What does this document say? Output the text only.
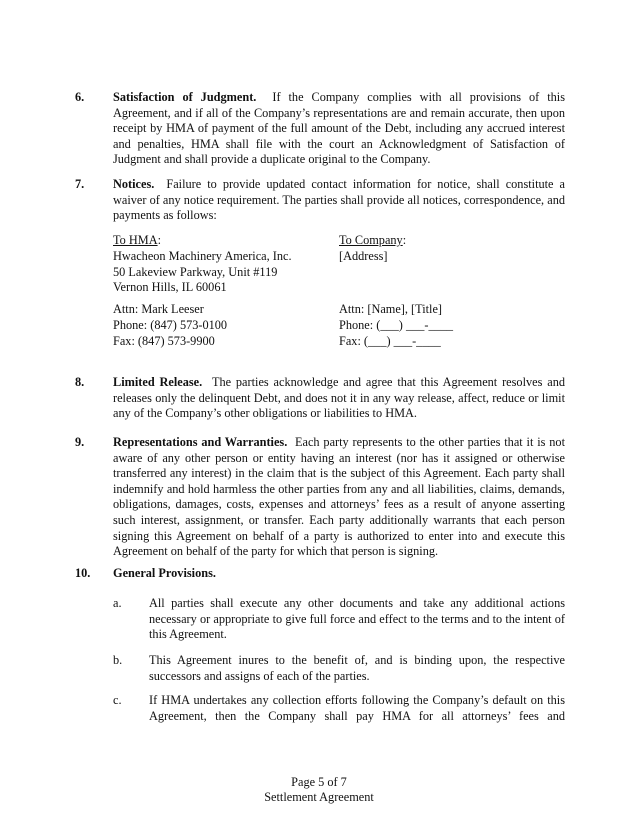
6. Satisfaction of Judgment. If the Company complies with all provisions of this Agreement, and if all of the Company’s representations are and remain accurate, then upon receipt by HMA of payment of the full amount of the Debt, including any accrued interest and penalties, HMA shall file with the court an Acknowledgment of Satisfaction of Judgment and shall provide a duplicate original to the Company.
7. Notices. Failure to provide updated contact information for notice, shall constitute a waiver of any notice requirement. The parties shall provide all notices, correspondence, and payments as follows:
To HMA:
Hwacheon Machinery America, Inc.
50 Lakeview Parkway, Unit #119
Vernon Hills, IL 60061
Attn: Mark Leeser
Phone: (847) 573-0100
Fax: (847) 573-9900
To Company:
[Address]
Attn: [Name], [Title]
Phone: (___) ___-____
Fax: (___) ___-____
8. Limited Release. The parties acknowledge and agree that this Agreement resolves and releases only the delinquent Debt, and does not it in any way release, affect, reduce or limit any of the Company’s other obligations or liabilities to HMA.
9. Representations and Warranties. Each party represents to the other parties that it is not aware of any other person or entity having an interest (nor has it assigned or otherwise transferred any interest) in the claim that is the subject of this Agreement. Each party shall indemnify and hold harmless the other parties from any and all liabilities, claims, demands, obligations, damages, costs, expenses and attorneys’ fees as a result of anyone asserting such interest, assignment, or transfer. Each party additionally warrants that each person signing this Agreement on behalf of a party is authorized to enter into and execute this Agreement on behalf of the party for which that person is signing.
10. General Provisions.
a. All parties shall execute any other documents and take any additional actions necessary or appropriate to give full force and effect to the terms and to the intent of this Agreement.
b. This Agreement inures to the benefit of, and is binding upon, the respective successors and assigns of each of the parties.
c. If HMA undertakes any collection efforts following the Company’s default on this Agreement, then the Company shall pay HMA for all attorneys’ fees and
Page 5 of 7
Settlement Agreement
